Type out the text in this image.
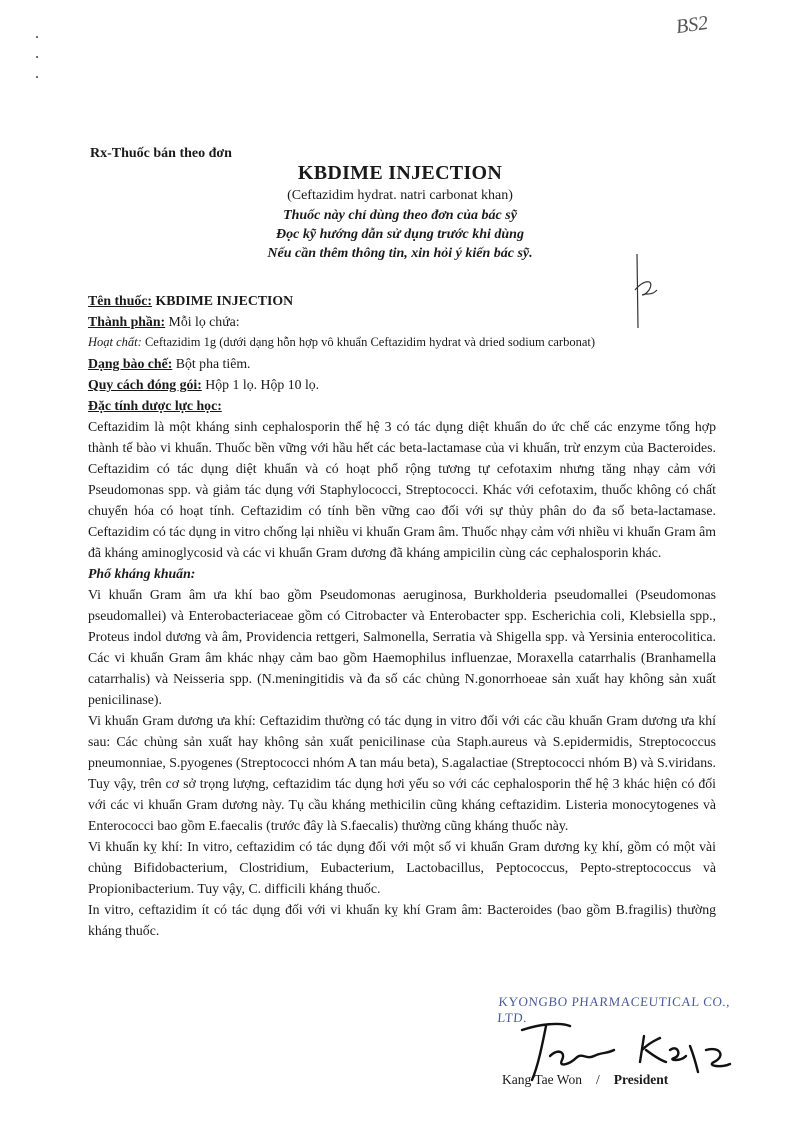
BS2
Rx-Thuốc bán theo đơn
KBDIME INJECTION
(Ceftazidim hydrat. natri carbonat khan)
Thuốc này chỉ dùng theo đơn của bác sỹ
Đọc kỹ hướng dẫn sử dụng trước khi dùng
Nếu cần thêm thông tin, xin hỏi ý kiến bác sỹ.

Tên thuốc: KBDIME INJECTION

Thành phần: Mỗi lọ chứa:

Hoạt chất: Ceftazidim 1g (dưới dạng hỗn hợp vô khuẩn Ceftazidim hydrat và dried sodium carbonat)

Dạng bào chế: Bột pha tiêm.

Quy cách đóng gói: Hộp 1 lọ. Hộp 10 lọ.

Đặc tính dược lực học:

Ceftazidim là một kháng sinh cephalosporin thế hệ 3 có tác dụng diệt khuẩn do ức chế các enzyme tổng hợp thành tế bào vi khuẩn. Thuốc bền vững với hầu hết các beta-lactamase của vi khuẩn, trừ enzym của Bacteroides. Ceftazidim có tác dụng diệt khuẩn và có hoạt phổ rộng tương tự cefotaxim nhưng tăng nhạy cảm với Pseudomonas spp. và giảm tác dụng với Staphylococci, Streptococci. Khác với cefotaxim, thuốc không có chất chuyển hóa có hoạt tính. Ceftazidim có tính bền vững cao đối với sự thủy phân do đa số beta-lactamase. Ceftazidim có tác dụng in vitro chống lại nhiều vi khuẩn Gram âm. Thuốc nhạy cảm với nhiều vi khuẩn Gram âm đã kháng aminoglycosid và các vi khuẩn Gram dương đã kháng ampicilin cùng các cephalosporin khác.

Phổ kháng khuẩn:

Vi khuẩn Gram âm ưa khí bao gồm Pseudomonas aeruginosa, Burkholderia pseudomallei (Pseudomonas pseudomallei) và Enterobacteriaceae gồm có Citrobacter và Enterobacter spp. Escherichia coli, Klebsiella spp., Proteus indol dương và âm, Providencia rettgeri, Salmonella, Serratia và Shigella spp. và Yersinia enterocolitica. Các vi khuẩn Gram âm khác nhạy cảm bao gồm Haemophilus influenzae, Moraxella catarrhalis (Branhamella catarrhalis) và Neisseria spp. (N.meningitidis và đa số các chủng N.gonorrhoeae sản xuất hay không sản xuất penicilinase).

Vi khuẩn Gram dương ưa khí: Ceftazidim thường có tác dụng in vitro đối với các cầu khuẩn Gram dương ưa khí sau: Các chủng sản xuất hay không sản xuất penicilinase của Staph.aureus và S.epidermidis, Streptococcus pneumonniae, S.pyogenes (Streptococci nhóm A tan máu beta), S.agalactiae (Streptococci nhóm B) và S.viridans. Tuy vậy, trên cơ sở trọng lượng, ceftazidim tác dụng hơi yếu so với các cephalosporin thế hệ 3 khác hiện có đối với các vi khuẩn Gram dương này. Tụ cầu kháng methicilin cũng kháng ceftazidim. Listeria monocytogenes và Enterococci bao gồm E.faecalis (trước đây là S.faecalis) thường cũng kháng thuốc này.

Vi khuẩn kỵ khí: In vitro, ceftazidim có tác dụng đối với một số vi khuẩn Gram dương kỵ khí, gồm có một vài chủng Bifidobacterium, Clostridium, Eubacterium, Lactobacillus, Peptococcus, Pepto-streptococcus và Propionibacterium. Tuy vậy, C. difficili kháng thuốc.

In vitro, ceftazidim ít có tác dụng đối với vi khuẩn kỵ khí Gram âm: Bacteroides (bao gồm B.fragilis) thường kháng thuốc.

KYONGBO PHARMACEUTICAL CO., LTD.
Kang Tae Won / President
